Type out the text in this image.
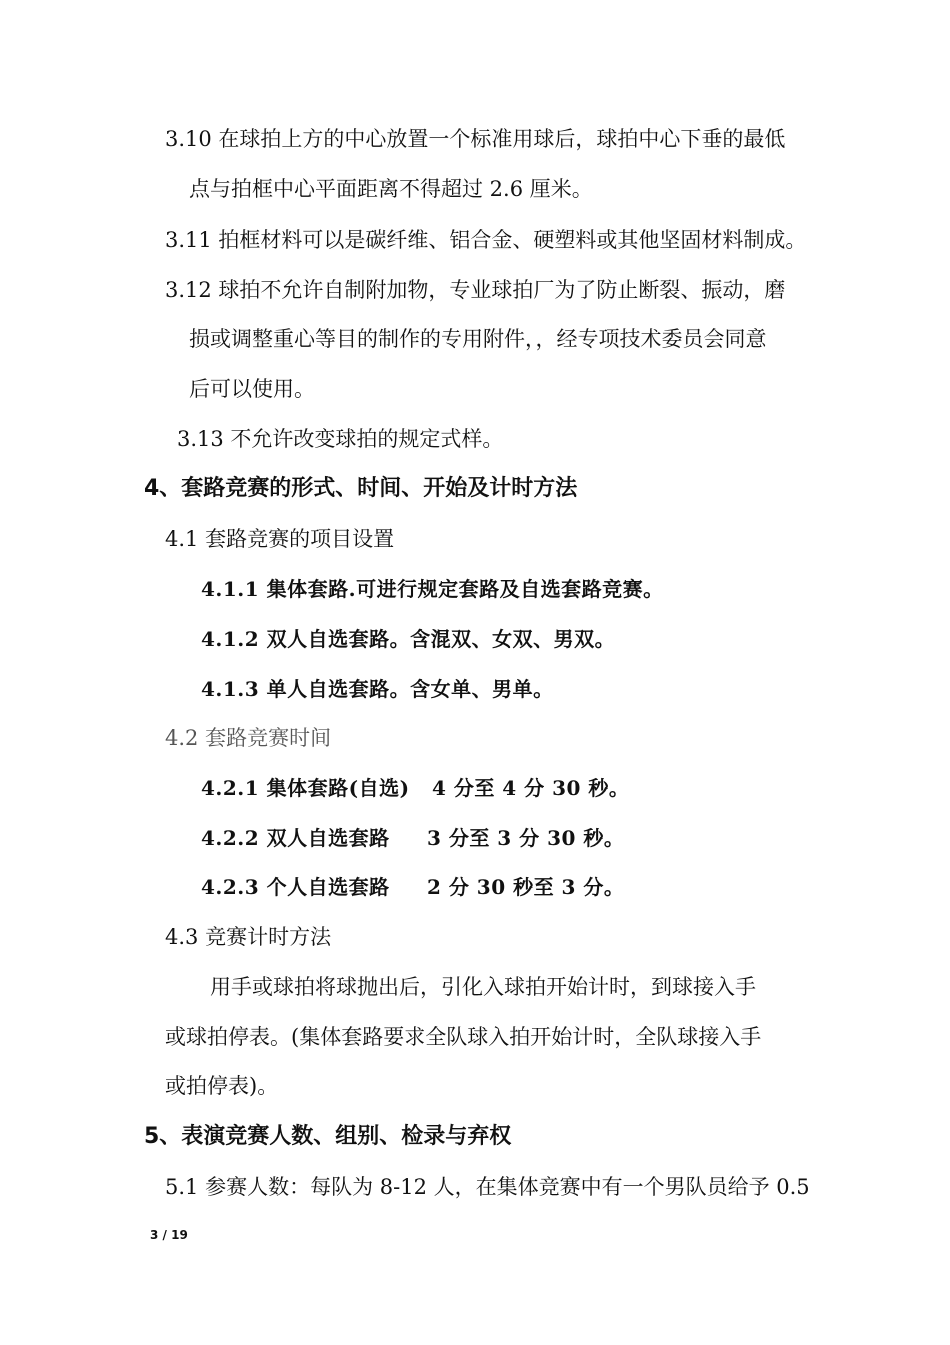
3.10 在球拍上方的中心放置一个标准用球后，球拍中心下垂的最低
点与拍框中心平面距离不得超过 2.6 厘米。
3.11 拍框材料可以是碳纤维、铝合金、硬塑料或其他坚固材料制成。
3.12 球拍不允许自制附加物，专业球拍厂为了防止断裂、振动，磨
损或调整重心等目的制作的专用附件，，经专项技术委员会同意
后可以使用。
3.13 不允许改变球拍的规定式样。
4、套路竞赛的形式、时间、开始及计时方法
4.1 套路竞赛的项目设置
4.1.1 集体套路.可进行规定套路及自选套路竞赛。
4.1.2 双人自选套路。含混双、女双、男双。
4.1.3 单人自选套路。含女单、男单。
4.2 套路竞赛时间
4.2.1 集体套路(自选)   4 分至 4 分 30 秒。
4.2.2 双人自选套路     3 分至 3 分 30 秒。
4.2.3 个人自选套路     2 分 30 秒至 3 分。
4.3 竞赛计时方法
用手或球拍将球抛出后，引化入球拍开始计时，到球接入手
或球拍停表。(集体套路要求全队球入拍开始计时，全队球接入手
或拍停表)。
5、表演竞赛人数、组别、检录与弃权
5.1 参赛人数：每队为 8-12 人，在集体竞赛中有一个男队员给予 0.5
3 / 19
